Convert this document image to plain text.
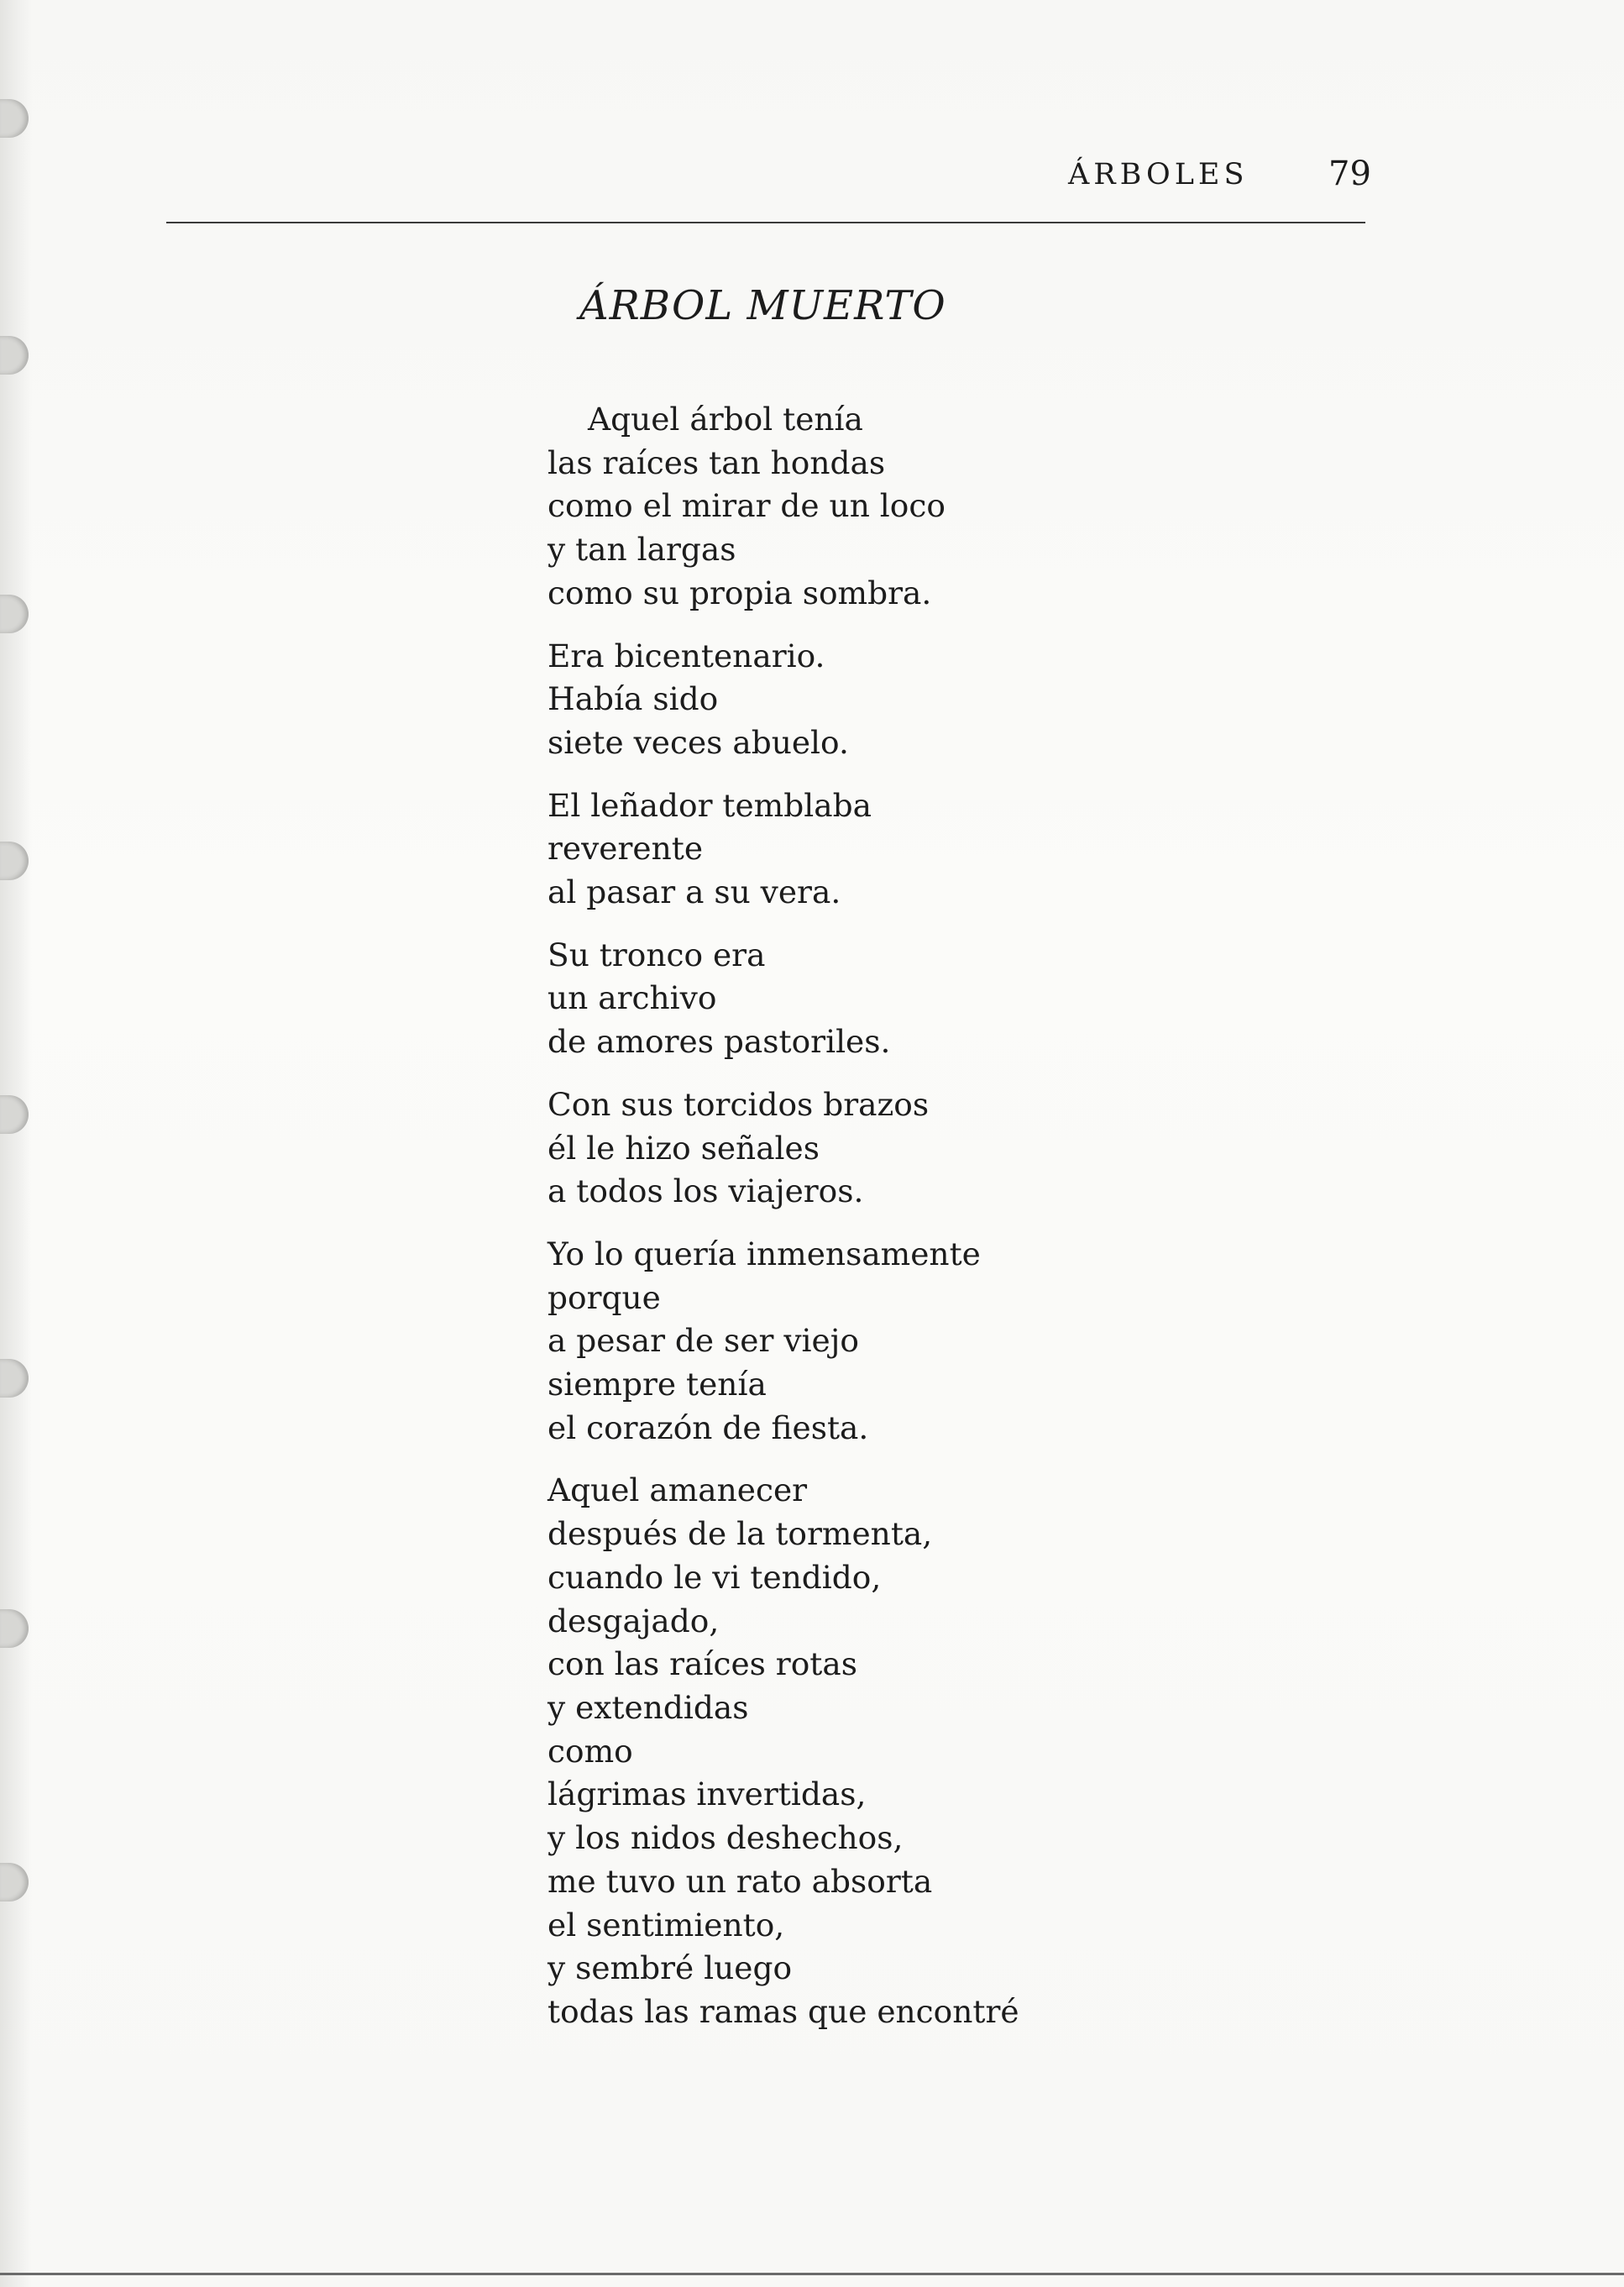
ÁRBOLES 79
ÁRBOL MUERTO
Aquel árbol tenía
las raíces tan hondas
como el mirar de un loco
y tan largas
como su propia sombra.
Era bicentenario.
Había sido
siete veces abuelo.
El leñador temblaba
reverente
al pasar a su vera.
Su tronco era
un archivo
de amores pastoriles.
Con sus torcidos brazos
él le hizo señales
a todos los viajeros.
Yo lo quería inmensamente
porque
a pesar de ser viejo
siempre tenía
el corazón de fiesta.
Aquel amanecer
después de la tormenta,
cuando le vi tendido,
desgajado,
con las raíces rotas
y extendidas
como
lágrimas invertidas,
y los nidos deshechos,
me tuvo un rato absorta
el sentimiento,
y sembré luego
todas las ramas que encontré
